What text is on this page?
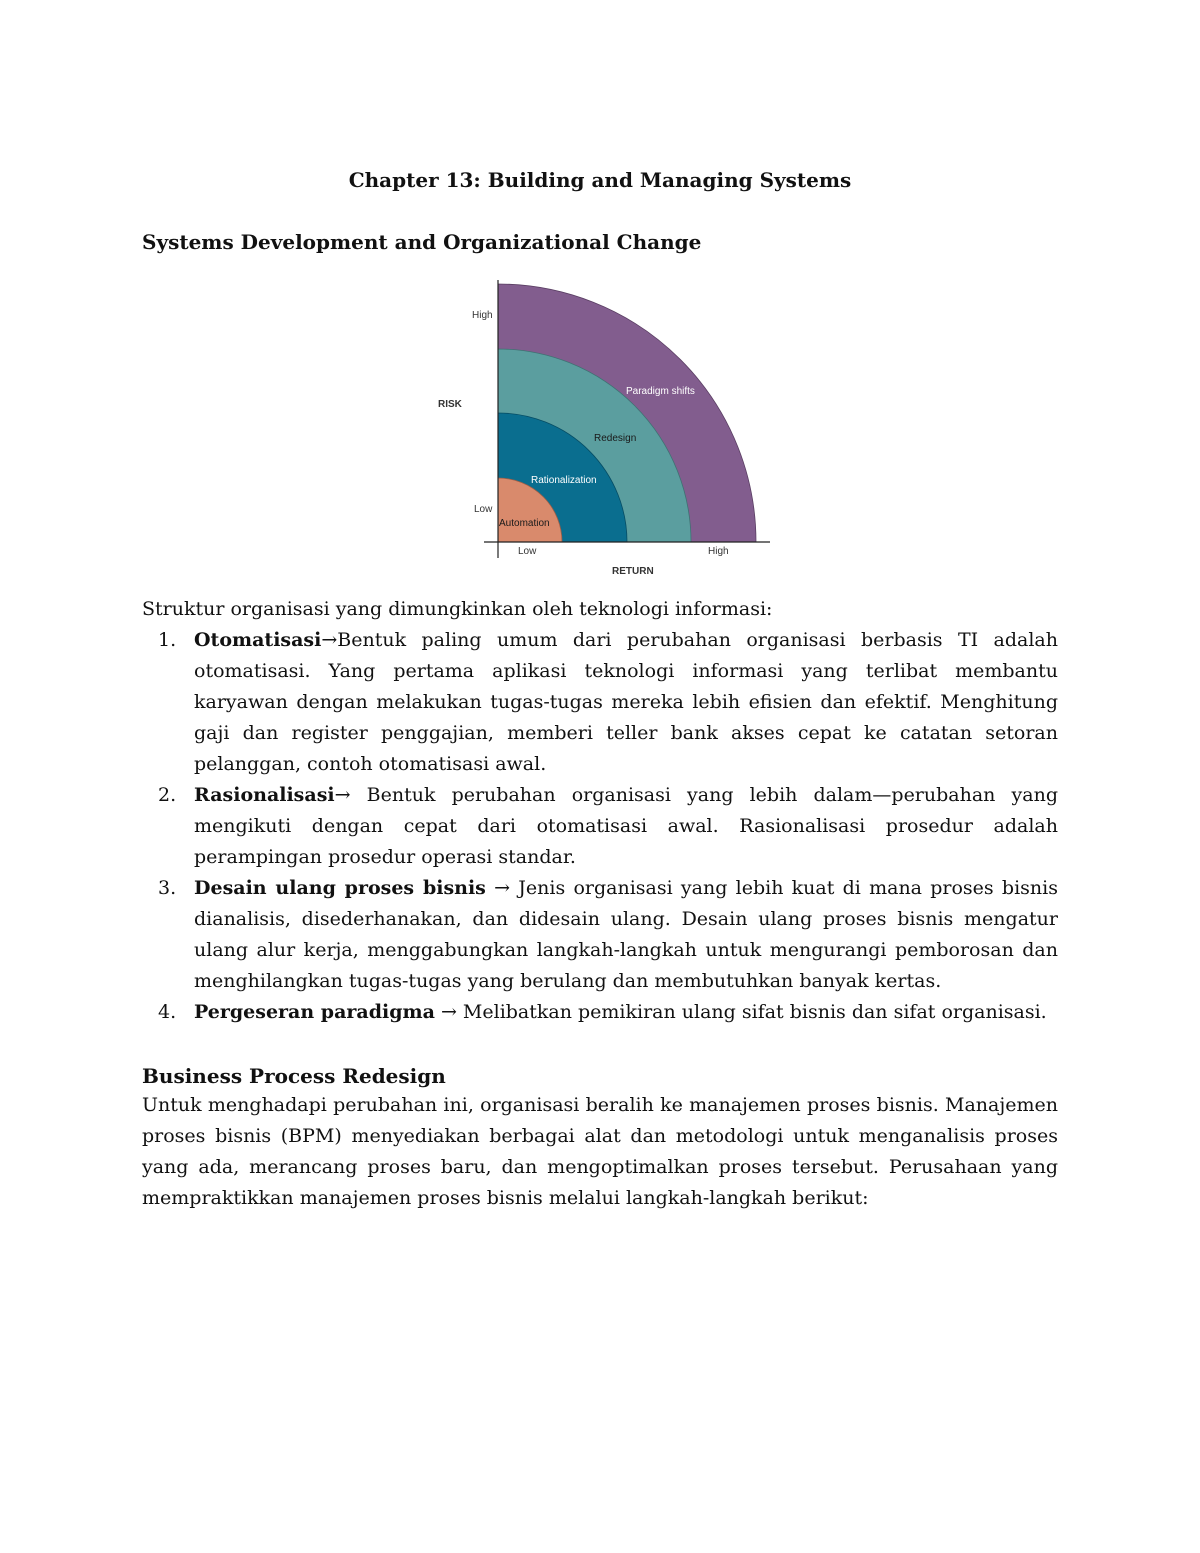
Chapter 13: Building and Managing Systems
Systems Development and Organizational Change
Paradigm shifts
Redesign
Rationalization
Automation
High
RISK
Low
Low	High
RETURN

Struktur organisasi yang dimungkinkan oleh teknologi informasi:

1. Otomatisasi→Bentuk paling umum dari perubahan organisasi berbasis TI adalah otomatisasi. Yang pertama aplikasi teknologi informasi yang terlibat membantu karyawan dengan melakukan tugas-tugas mereka lebih efisien dan efektif. Menghitung gaji dan register penggajian, memberi teller bank akses cepat ke catatan setoran pelanggan, contoh otomatisasi awal.
2. Rasionalisasi→ Bentuk perubahan organisasi yang lebih dalam—perubahan yang mengikuti dengan cepat dari otomatisasi awal. Rasionalisasi prosedur adalah perampingan prosedur operasi standar.
3. Desain ulang proses bisnis → Jenis organisasi yang lebih kuat di mana proses bisnis dianalisis, disederhanakan, dan didesain ulang. Desain ulang proses bisnis mengatur ulang alur kerja, menggabungkan langkah-langkah untuk mengurangi pemborosan dan menghilangkan tugas-tugas yang berulang dan membutuhkan banyak kertas.
4. Pergeseran paradigma → Melibatkan pemikiran ulang sifat bisnis dan sifat organisasi.
Business Process Redesign

Untuk menghadapi perubahan ini, organisasi beralih ke manajemen proses bisnis. Manajemen proses bisnis (BPM) menyediakan berbagai alat dan metodologi untuk menganalisis proses yang ada, merancang proses baru, dan mengoptimalkan proses tersebut. Perusahaan yang mempraktikkan manajemen proses bisnis melalui langkah-langkah berikut:
